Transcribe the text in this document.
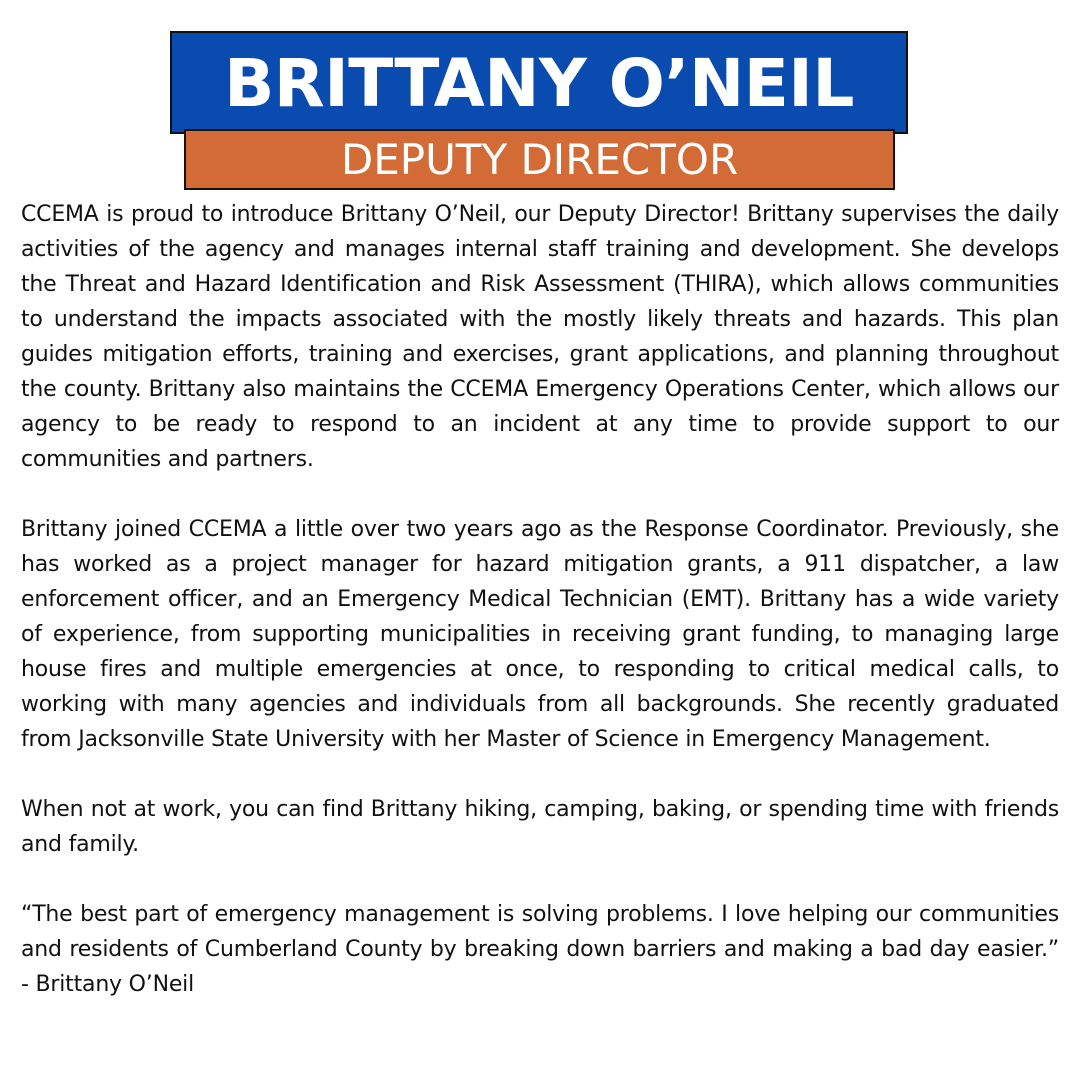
BRITTANY O’NEIL
DEPUTY DIRECTOR

CCEMA is proud to introduce Brittany O’Neil, our Deputy Director! Brittany supervises the daily activities of the agency and manages internal staff training and development. She develops the Threat and Hazard Identification and Risk Assessment (THIRA), which allows communities to understand the impacts associated with the mostly likely threats and hazards. This plan guides mitigation efforts, training and exercises, grant applications, and planning throughout the county. Brittany also maintains the CCEMA Emergency Operations Center, which allows our agency to be ready to respond to an incident at any time to provide support to our communities and partners.

Brittany joined CCEMA a little over two years ago as the Response Coordinator. Previously, she has worked as a project manager for hazard mitigation grants, a 911 dispatcher, a law enforcement officer, and an Emergency Medical Technician (EMT). Brittany has a wide variety of experience, from supporting municipalities in receiving grant funding, to managing large house fires and multiple emergencies at once, to responding to critical medical calls, to working with many agencies and individuals from all backgrounds. She recently graduated from Jacksonville State University with her Master of Science in Emergency Management.

When not at work, you can find Brittany hiking, camping, baking, or spending time with friends and family.

“The best part of emergency management is solving problems. I love helping our communities and residents of Cumberland County by breaking down barriers and making a bad day easier.” - Brittany O’Neil
